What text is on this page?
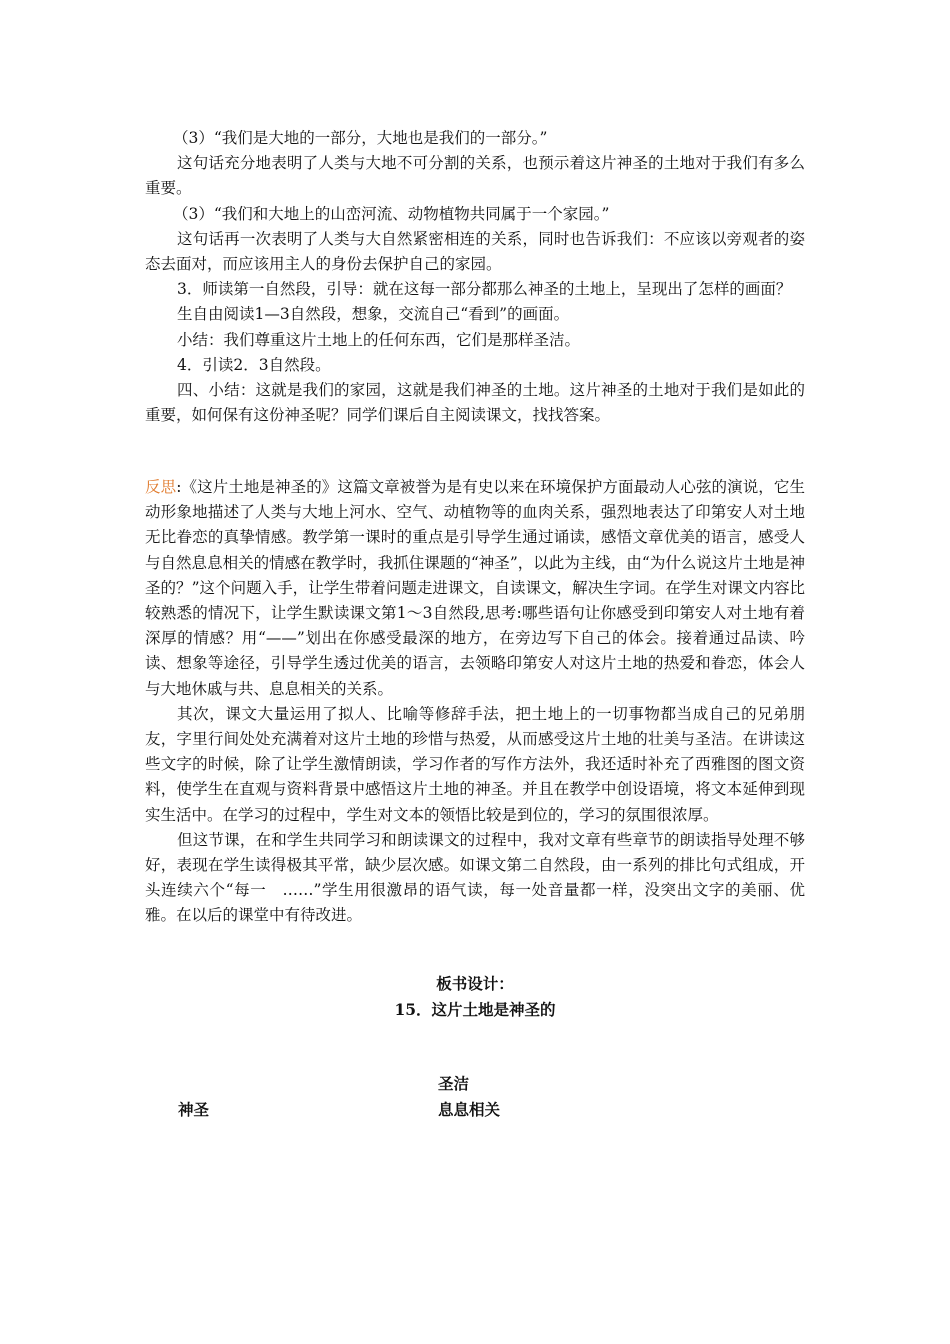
（3）“我们是大地的一部分，大地也是我们的一部分。”

这句话充分地表明了人类与大地不可分割的关系，也预示着这片神圣的土地对于我们有多么重要。

（3）“我们和大地上的山峦河流、动物植物共同属于一个家园。”

这句话再一次表明了人类与大自然紧密相连的关系，同时也告诉我们：不应该以旁观者的姿态去面对，而应该用主人的身份去保护自己的家园。

3．师读第一自然段，引导：就在这每一部分都那么神圣的土地上，呈现出了怎样的画面？

生自由阅读1—3自然段，想象，交流自己“看到”的画面。

小结：我们尊重这片土地上的任何东西，它们是那样圣洁。

4．引读2．3自然段。

四、小结：这就是我们的家园，这就是我们神圣的土地。这片神圣的土地对于我们是如此的重要，如何保有这份神圣呢？同学们课后自主阅读课文，找找答案。

反思:《这片土地是神圣的》这篇文章被誉为是有史以来在环境保护方面最动人心弦的演说，它生动形象地描述了人类与大地上河水、空气、动植物等的血肉关系，强烈地表达了印第安人对土地无比眷恋的真挚情感。教学第一课时的重点是引导学生通过诵读，感悟文章优美的语言，感受人与自然息息相关的情感在教学时，我抓住课题的“神圣”，以此为主线，由“为什么说这片土地是神圣的？”这个问题入手，让学生带着问题走进课文，自读课文，解决生字词。在学生对课文内容比较熟悉的情况下，让学生默读课文第1～3自然段,思考:哪些语句让你感受到印第安人对土地有着深厚的情感？用“——”划出在你感受最深的地方，在旁边写下自己的体会。接着通过品读、吟读、想象等途径，引导学生透过优美的语言，去领略印第安人对这片土地的热爱和眷恋，体会人与大地休戚与共、息息相关的关系。

其次，课文大量运用了拟人、比喻等修辞手法，把土地上的一切事物都当成自己的兄弟朋友，字里行间处处充满着对这片土地的珍惜与热爱，从而感受这片土地的壮美与圣洁。在讲读这些文字的时候，除了让学生激情朗读，学习作者的写作方法外，我还适时补充了西雅图的图文资料，使学生在直观与资料背景中感悟这片土地的神圣。并且在教学中创设语境，将文本延伸到现实生活中。在学习的过程中，学生对文本的领悟比较是到位的，学习的氛围很浓厚。

但这节课，在和学生共同学习和朗读课文的过程中，我对文章有些章节的朗读指导处理不够好，表现在学生读得极其平常，缺少层次感。如课文第二自然段，由一系列的排比句式组成，开头连续六个“每一　……”学生用很激昂的语气读，每一处音量都一样，没突出文字的美丽、优雅。在以后的课堂中有待改进。

板书设计：
15．这片土地是神圣的
圣洁
神圣	息息相关
